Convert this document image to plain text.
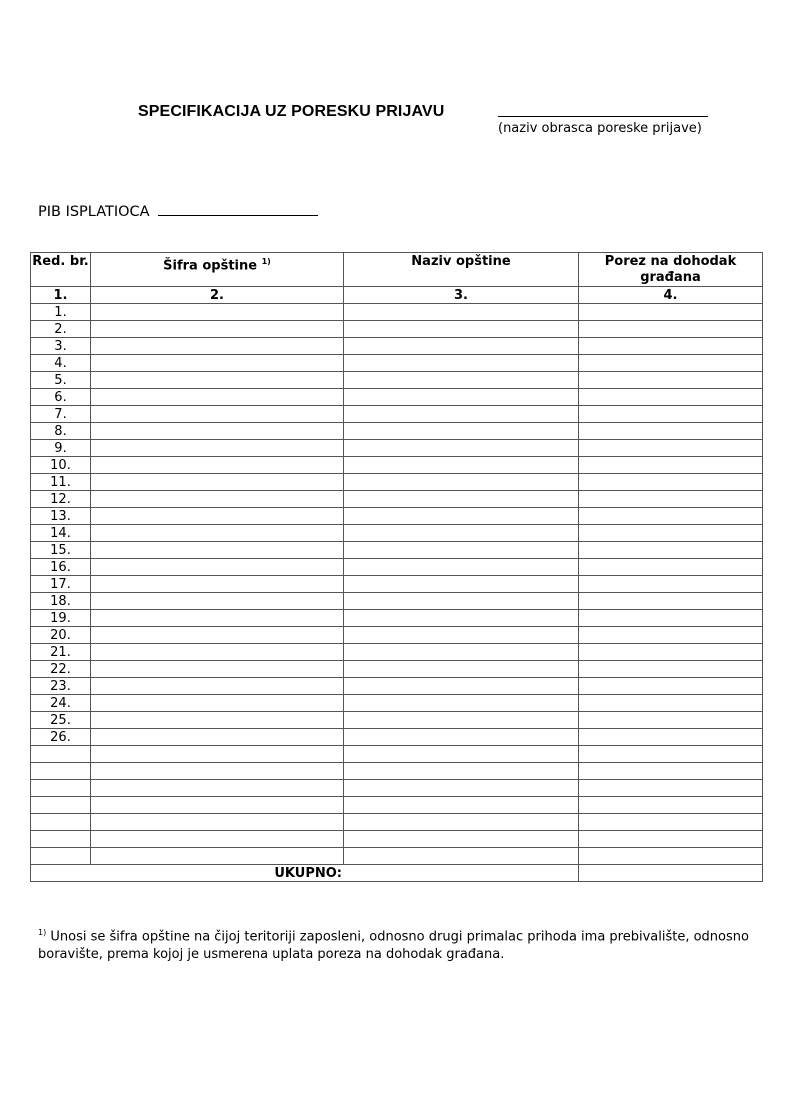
SPECIFIKACIJA UZ PORESKU PRIJAVU
(naziv obrasca poreske prijave)
PIB ISPLATIOCA
Red. br.	Šifra opštine $^{1)}$	Naziv opštine	Porez na dohodak građana
1.	2.	3.	4.
1.			
2.			
3.			
4.			
5.			
6.			
7.			
8.			
9.			
10.			
11.			
12.			
13.			
14.			
15.			
16.			
17.			
18.			
19.			
20.			
21.			
22.			
23.			
24.			
25.			
26.			

UKUPNO:			
$^{1)}$ Unosi se šifra opštine na čijoj teritoriji zaposleni, odnosno drugi primalac prihoda ima prebivalište, odnosno boravište, prema kojoj je usmerena uplata poreza na dohodak građana.
